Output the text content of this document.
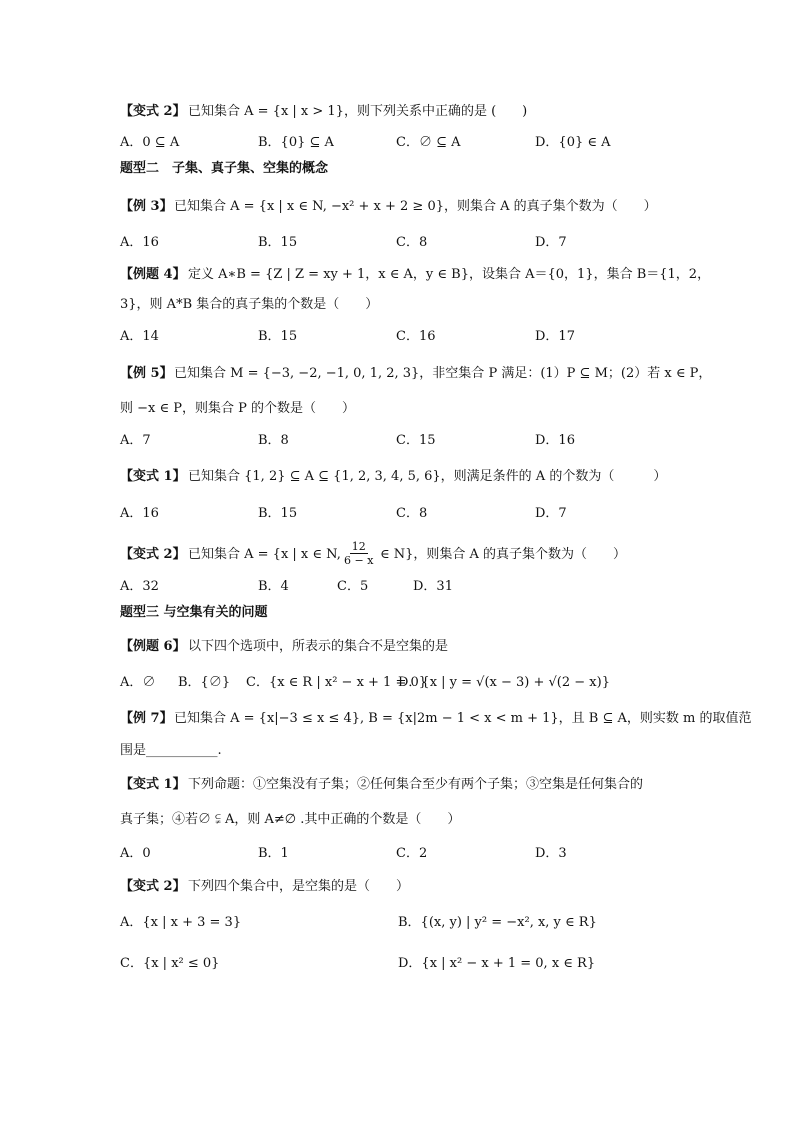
【变式 2】 已知集合 A = {x | x > 1}，则下列关系中正确的是 (　　)
A．0 ⊆ A	B．{0} ⊆ A	C．∅ ⊆ A	D．{0} ∈ A
题型二　子集、真子集、空集的概念
【例 3】 已知集合 A = {x | x ∈ N, −x² + x + 2 ≥ 0}，则集合 A 的真子集个数为（　　）
A．16	B．15	C．8	D．7
【例题 4】 定义 A∗B = {Z | Z = xy + 1，x ∈ A，y ∈ B}，设集合 A＝{0，1}，集合 B＝{1，2，
3}，则 A*B 集合的真子集的个数是（　　）
A．14	B．15	C．16	D．17
【例 5】 已知集合 M = {−3, −2, −1, 0, 1, 2, 3}，非空集合 P 满足：(1）P ⊆ M；(2）若 x ∈ P，
则 −x ∈ P，则集合 P 的个数是（　　）
A．7	B．8	C．15	D．16
【变式 1】 已知集合 {1, 2} ⊆ A ⊆ {1, 2, 3, 4, 5, 6}，则满足条件的 A 的个数为（　　　）
A．16	B．15	C．8	D．7
【变式 2】 已知集合 A = {x | x ∈ N, $\frac{12}{6 - x}$ ∈ N}，则集合 A 的真子集个数为（　　）
A．32	B．4	C．5	D．31
题型三 与空集有关的问题
【例题 6】 以下四个选项中，所表示的集合不是空集的是
A．∅ B．{∅} C．{x ∈ R | x² − x + 1 = 0}
D．{x | y = √(x − 3) + √(2 − x)}
【例 7】 已知集合 A = {x|−3 ≤ x ≤ 4}, B = {x|2m − 1 < x < m + 1}，且 B ⊆ A，则实数 m 的取值范
围是___________.
【变式 1】 下列命题：①空集没有子集；②任何集合至少有两个子集；③空集是任何集合的
真子集；④若∅ ⫋ A，则 A≠∅ .其中正确的个数是（　　）
A．0	B．1	C．2	D．3
【变式 2】 下列四个集合中，是空集的是（　　）
A．{x | x + 3 = 3}	B．{(x, y) | y² = −x², x, y ∈ R}
C．{x | x² ≤ 0}	D．{x | x² − x + 1 = 0, x ∈ R}
